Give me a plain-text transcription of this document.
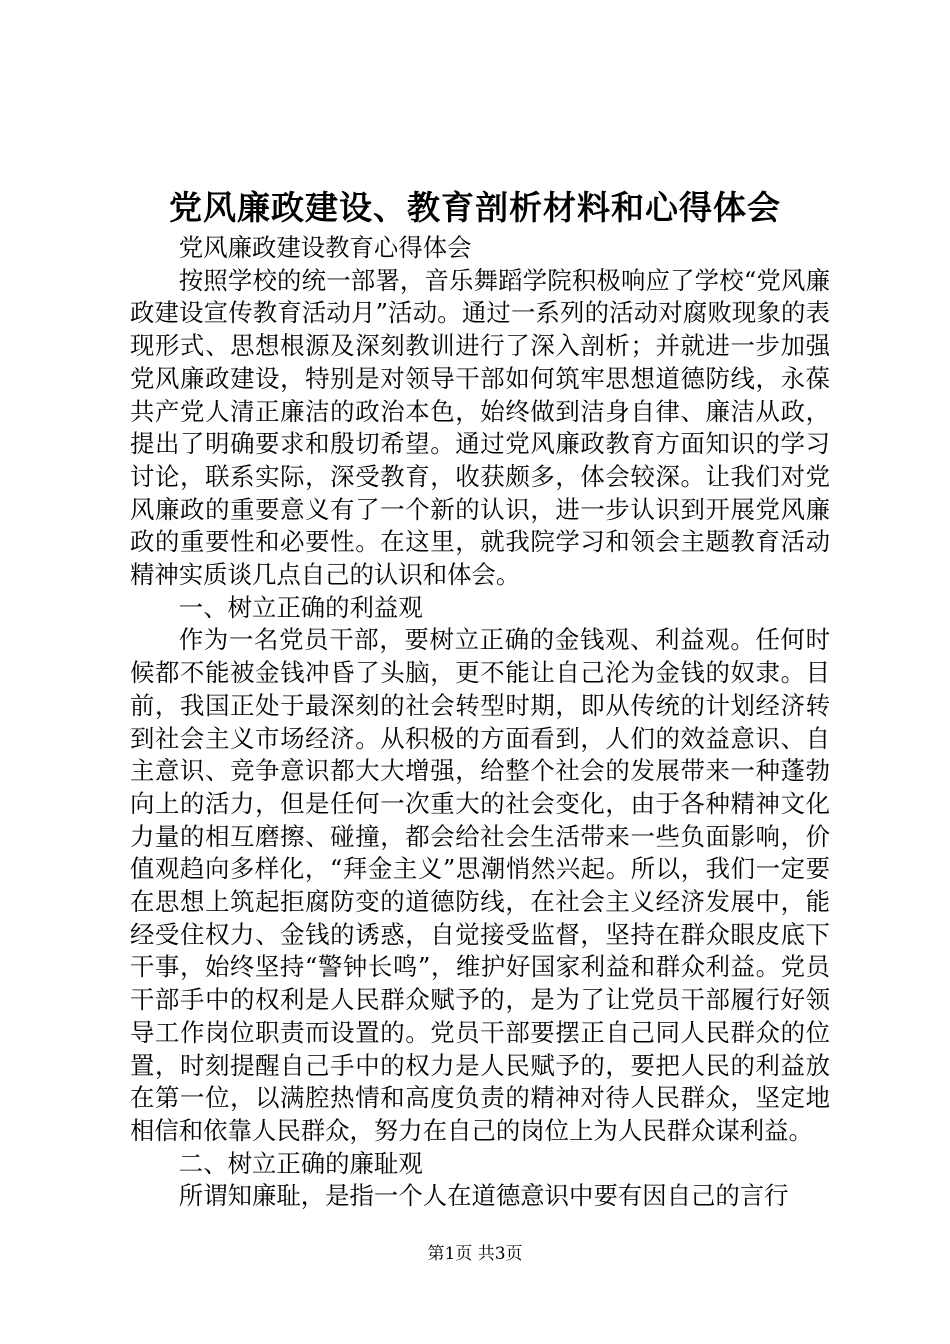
党风廉政建设、教育剖析材料和心得体会

党风廉政建设教育心得体会

按照学校的统一部署，音乐舞蹈学院积极响应了学校“党风廉政建设宣传教育活动月”活动。通过一系列的活动对腐败现象的表现形式、思想根源及深刻教训进行了深入剖析；并就进一步加强党风廉政建设，特别是对领导干部如何筑牢思想道德防线，永葆共产党人清正廉洁的政治本色，始终做到洁身自律、廉洁从政，提出了明确要求和殷切希望。通过党风廉政教育方面知识的学习讨论，联系实际，深受教育，收获颇多，体会较深。让我们对党风廉政的重要意义有了一个新的认识，进一步认识到开展党风廉政的重要性和必要性。在这里，就我院学习和领会主题教育活动精神实质谈几点自己的认识和体会。

一、树立正确的利益观

作为一名党员干部，要树立正确的金钱观、利益观。任何时候都不能被金钱冲昏了头脑，更不能让自己沦为金钱的奴隶。目前，我国正处于最深刻的社会转型时期，即从传统的计划经济转到社会主义市场经济。从积极的方面看到，人们的效益意识、自主意识、竞争意识都大大增强，给整个社会的发展带来一种蓬勃向上的活力，但是任何一次重大的社会变化，由于各种精神文化力量的相互磨擦、碰撞，都会给社会生活带来一些负面影响，价值观趋向多样化，“拜金主义”思潮悄然兴起。所以，我们一定要在思想上筑起拒腐防变的道德防线，在社会主义经济发展中，能经受住权力、金钱的诱惑，自觉接受监督，坚持在群众眼皮底下干事，始终坚持“警钟长鸣”，维护好国家利益和群众利益。党员干部手中的权利是人民群众赋予的，是为了让党员干部履行好领导工作岗位职责而设置的。党员干部要摆正自己同人民群众的位置，时刻提醒自己手中的权力是人民赋予的，要把人民的利益放在第一位，以满腔热情和高度负责的精神对待人民群众，坚定地相信和依靠人民群众，努力在自己的岗位上为人民群众谋利益。

二、树立正确的廉耻观

所谓知廉耻，是指一个人在道德意识中要有因自己的言行

第1页 共3页
